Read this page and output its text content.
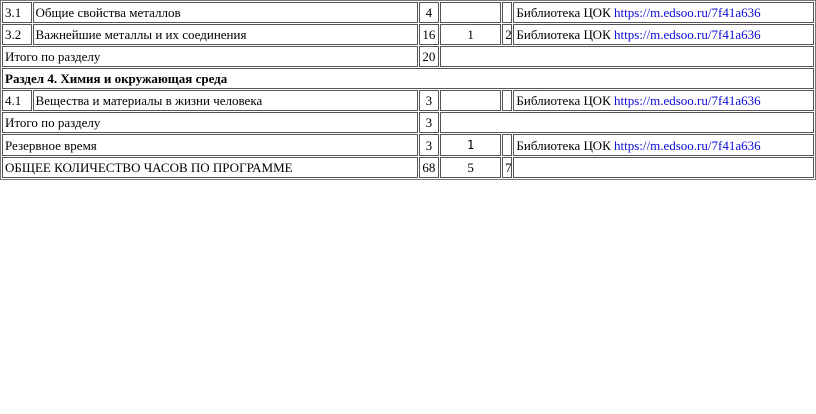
3.1	Общие свойства металлов	4			Библиотека ЦОК https://m.edsoo.ru/7f41a636
3.2	Важнейшие металлы и их соединения	16	1	2	Библиотека ЦОК https://m.edsoo.ru/7f41a636
Итого по разделу		20			
Раздел 4. Химия и окружающая среда					
4.1	Вещества и материалы в жизни человека	3			Библиотека ЦОК https://m.edsoo.ru/7f41a636
Итого по разделу		3			
Резервное время		3	1		Библиотека ЦОК https://m.edsoo.ru/7f41a636
ОБЩЕЕ КОЛИЧЕСТВО ЧАСОВ ПО ПРОГРАММЕ		68	5	7	
